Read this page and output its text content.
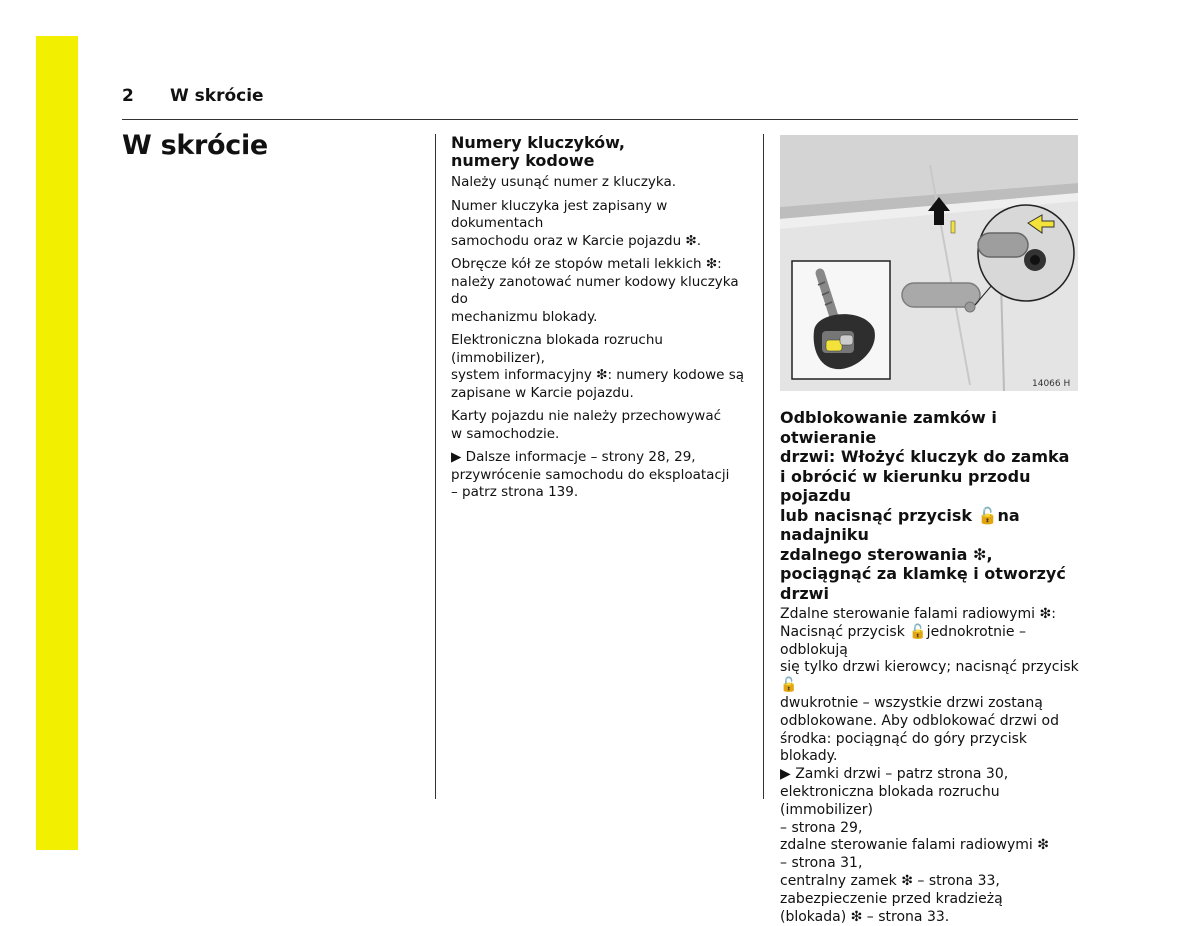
2 W skrócie
W skrócie	Numery kluczyków,
numery kodowe

Należy usunąć numer z kluczyka.

Numer kluczyka jest zapisany w dokumentach
samochodu oraz w Karcie pojazdu ❇.

Obręcze kół ze stopów metali lekkich ❇:
należy zanotować numer kodowy kluczyka do
mechanizmu blokady.

Elektroniczna blokada rozruchu (immobilizer),
system informacyjny ❇: numery kodowe są
zapisane w Karcie pojazdu.

Karty pojazdu nie należy przechowywać
w samochodzie.

▶ Dalsze informacje – strony 28, 29,
przywrócenie samochodu do eksploatacji
– patrz strona 139.

14066 H
Odblokowanie zamków i otwieranie
drzwi: Włożyć kluczyk do zamka
i obrócić w kierunku przodu pojazdu
lub nacisnąć przycisk 🔓na nadajniku
zdalnego sterowania ❇,
pociągnąć za klamkę i otworzyć
drzwi
Zdalne sterowanie falami radiowymi ❇:
Nacisnąć przycisk 🔓jednokrotnie – odblokują
się tylko drzwi kierowcy; nacisnąć przycisk 🔓
dwukrotnie – wszystkie drzwi zostaną
odblokowane. Aby odblokować drzwi od
środka: pociągnąć do góry przycisk blokady.
▶ Zamki drzwi – patrz strona 30,
elektroniczna blokada rozruchu (immobilizer)
– strona 29,
zdalne sterowanie falami radiowymi ❇
– strona 31,
centralny zamek ❇ – strona 33,
zabezpieczenie przed kradzieżą
(blokada) ❇ – strona 33.
